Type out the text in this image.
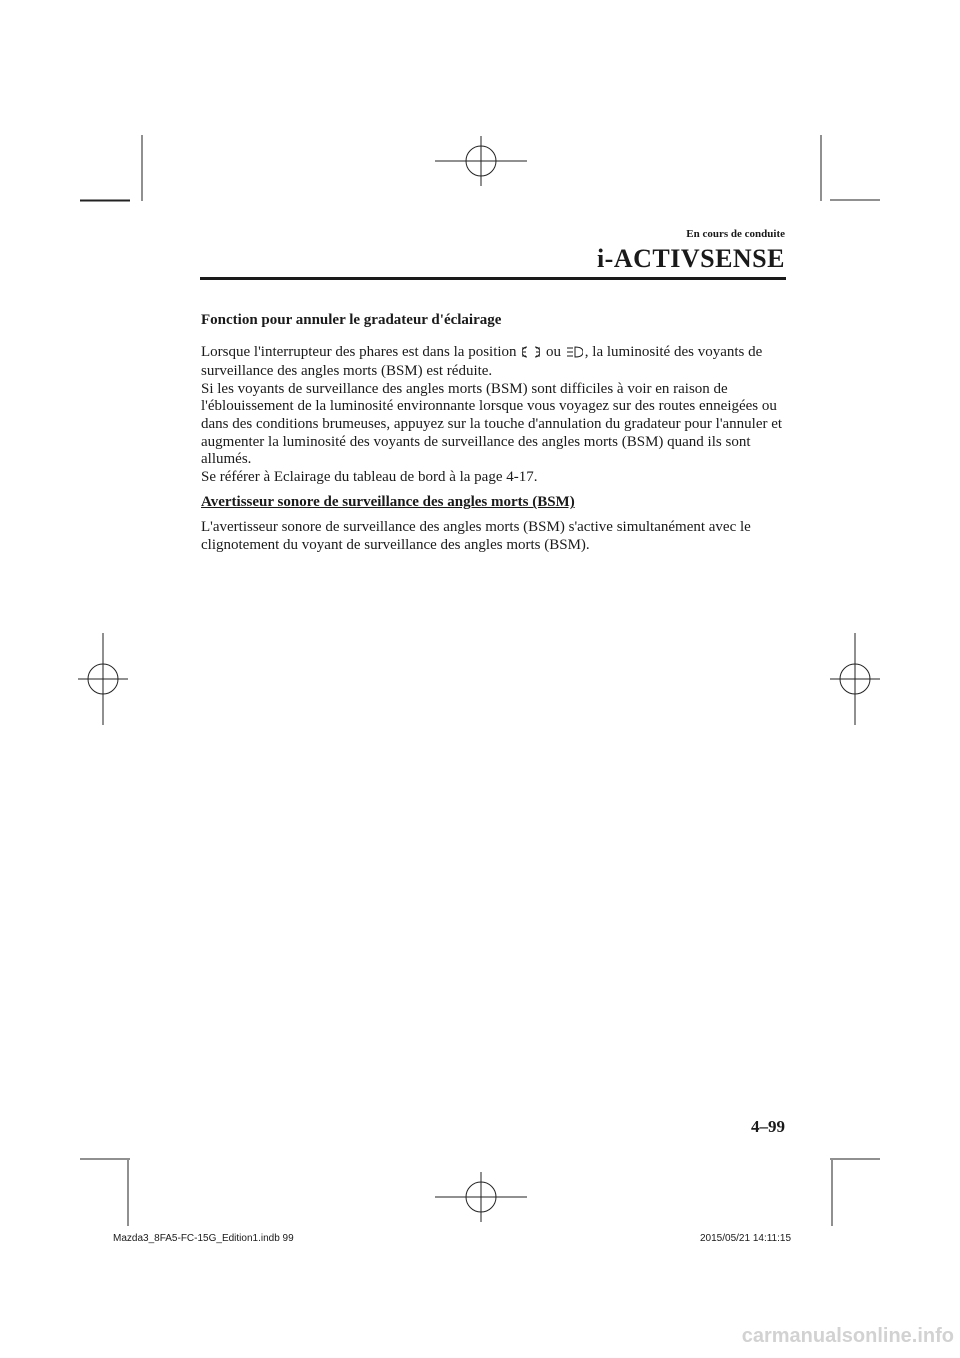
En cours de conduite
i-ACTIVSENSE

Fonction pour annuler le gradateur d'éclairage

Lorsque l'interrupteur des phares est dans la position  ou , la luminosité des voyants de surveillance des angles morts (BSM) est réduite.

Si les voyants de surveillance des angles morts (BSM) sont difficiles à voir en raison de l'éblouissement de la luminosité environnante lorsque vous voyagez sur des routes enneigées ou dans des conditions brumeuses, appuyez sur la touche d'annulation du gradateur pour l'annuler et augmenter la luminosité des voyants de surveillance des angles morts (BSM) quand ils sont allumés.

Se référer à Eclairage du tableau de bord à la page 4-17.

Avertisseur sonore de surveillance des angles morts (BSM)

L'avertisseur sonore de surveillance des angles morts (BSM) s'active simultanément avec le clignotement du voyant de surveillance des angles morts (BSM).

4–99
Mazda3_8FA5-FC-15G_Edition1.indb 99	2015/05/21 14:11:15
carmanualsonline.info
